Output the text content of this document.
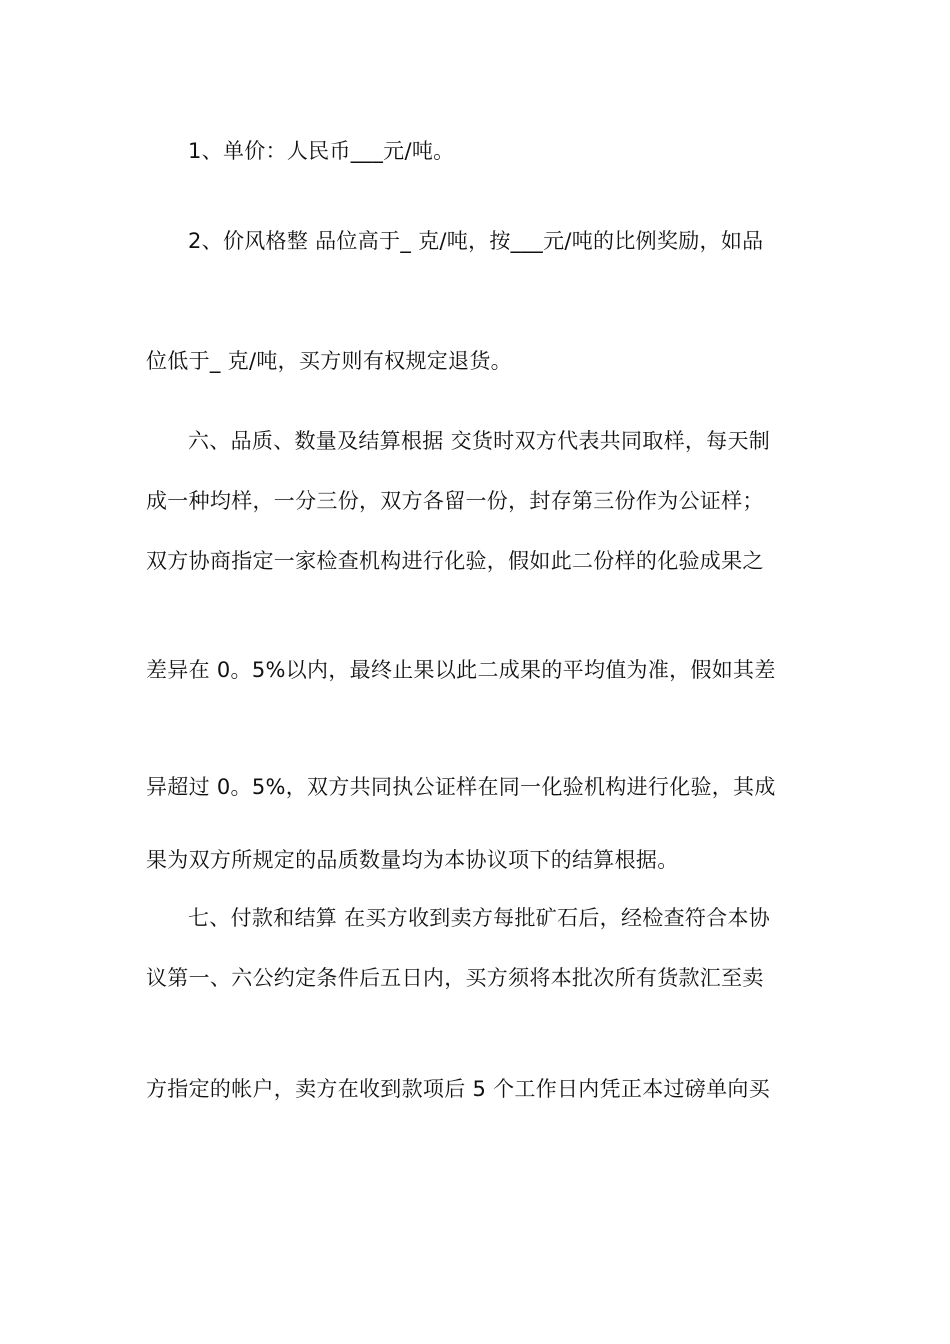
1、单价：人民币___元/吨。
2、价风格整 品位高于_ 克/吨，按___元/吨的比例奖励，如品
位低于_ 克/吨，买方则有权规定退货。
六、品质、数量及结算根据 交货时双方代表共同取样，每天制
成一种均样，一分三份，双方各留一份，封存第三份作为公证样；
双方协商指定一家检查机构进行化验，假如此二份样的化验成果之
差异在 0。5%以内，最终止果以此二成果的平均值为准，假如其差
异超过 0。5%，双方共同执公证样在同一化验机构进行化验，其成
果为双方所规定的品质数量均为本协议项下的结算根据。
七、付款和结算 在买方收到卖方每批矿石后，经检查符合本协
议第一、六公约定条件后五日内，买方须将本批次所有货款汇至卖
方指定的帐户，卖方在收到款项后 5 个工作日内凭正本过磅单向买
